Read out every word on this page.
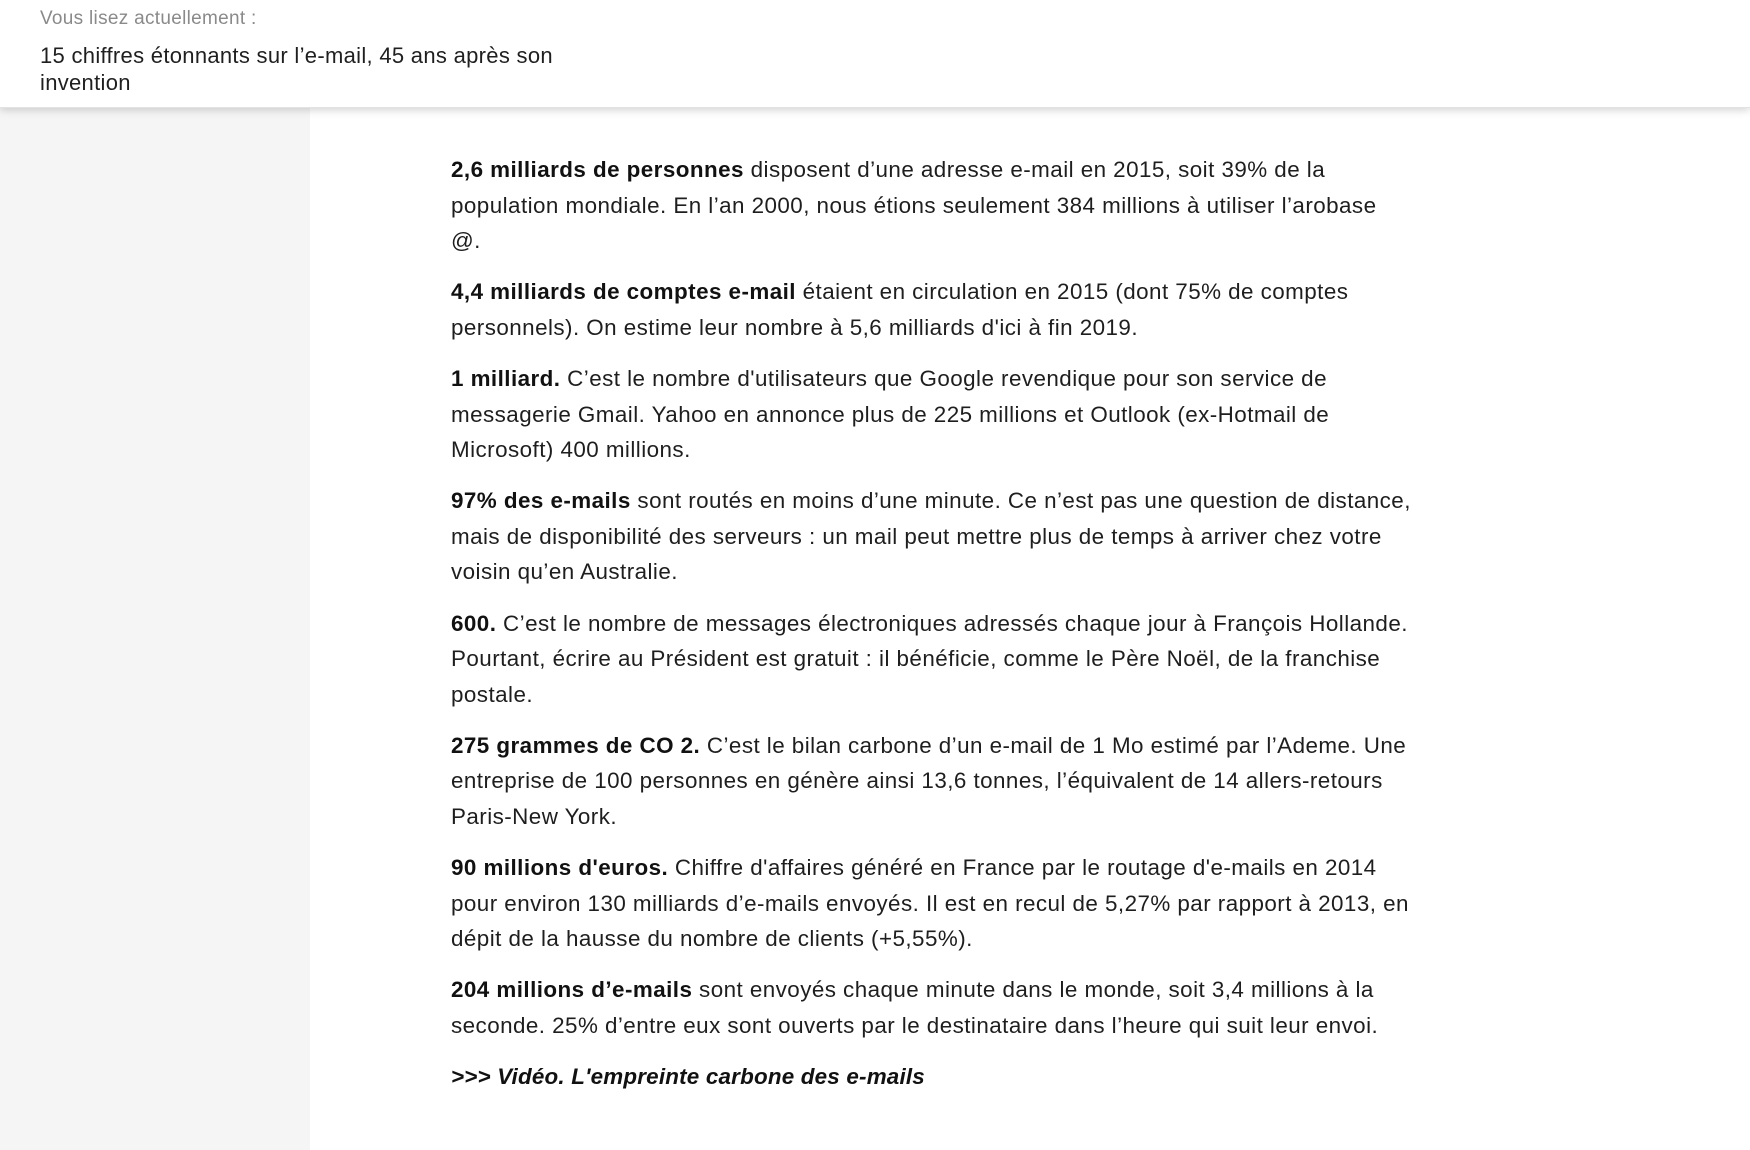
Vous lisez actuellement :
15 chiffres étonnants sur l’e-mail, 45 ans après son invention

2,6 milliards de personnes disposent d’une adresse e-mail en 2015, soit 39% de la population mondiale. En l’an 2000, nous étions seulement 384 millions à utiliser l’arobase @.

4,4 milliards de comptes e-mail étaient en circulation en 2015 (dont 75% de comptes personnels). On estime leur nombre à 5,6 milliards d'ici à fin 2019.

1 milliard. C’est le nombre d'utilisateurs que Google revendique pour son service de messagerie Gmail. Yahoo en annonce plus de 225 millions et Outlook (ex-Hotmail de Microsoft) 400 millions.

97% des e-mails sont routés en moins d’une minute. Ce n’est pas une question de distance, mais de disponibilité des serveurs : un mail peut mettre plus de temps à arriver chez votre voisin qu’en Australie.

600. C’est le nombre de messages électroniques adressés chaque jour à François Hollande. Pourtant, écrire au Président est gratuit : il bénéficie, comme le Père Noël, de la franchise postale.

275 grammes de CO 2. C’est le bilan carbone d’un e-mail de 1 Mo estimé par l’Ademe. Une entreprise de 100 personnes en génère ainsi 13,6 tonnes, l’équivalent de 14 allers-retours Paris-New York.

90 millions d'euros. Chiffre d'affaires généré en France par le routage d'e-mails en 2014 pour environ 130 milliards d’e-mails envoyés. Il est en recul de 5,27% par rapport à 2013, en dépit de la hausse du nombre de clients (+5,55%).

204 millions d’e-mails sont envoyés chaque minute dans le monde, soit 3,4 millions à la seconde. 25% d’entre eux sont ouverts par le destinataire dans l’heure qui suit leur envoi.

>>> Vidéo. L'empreinte carbone des e-mails
